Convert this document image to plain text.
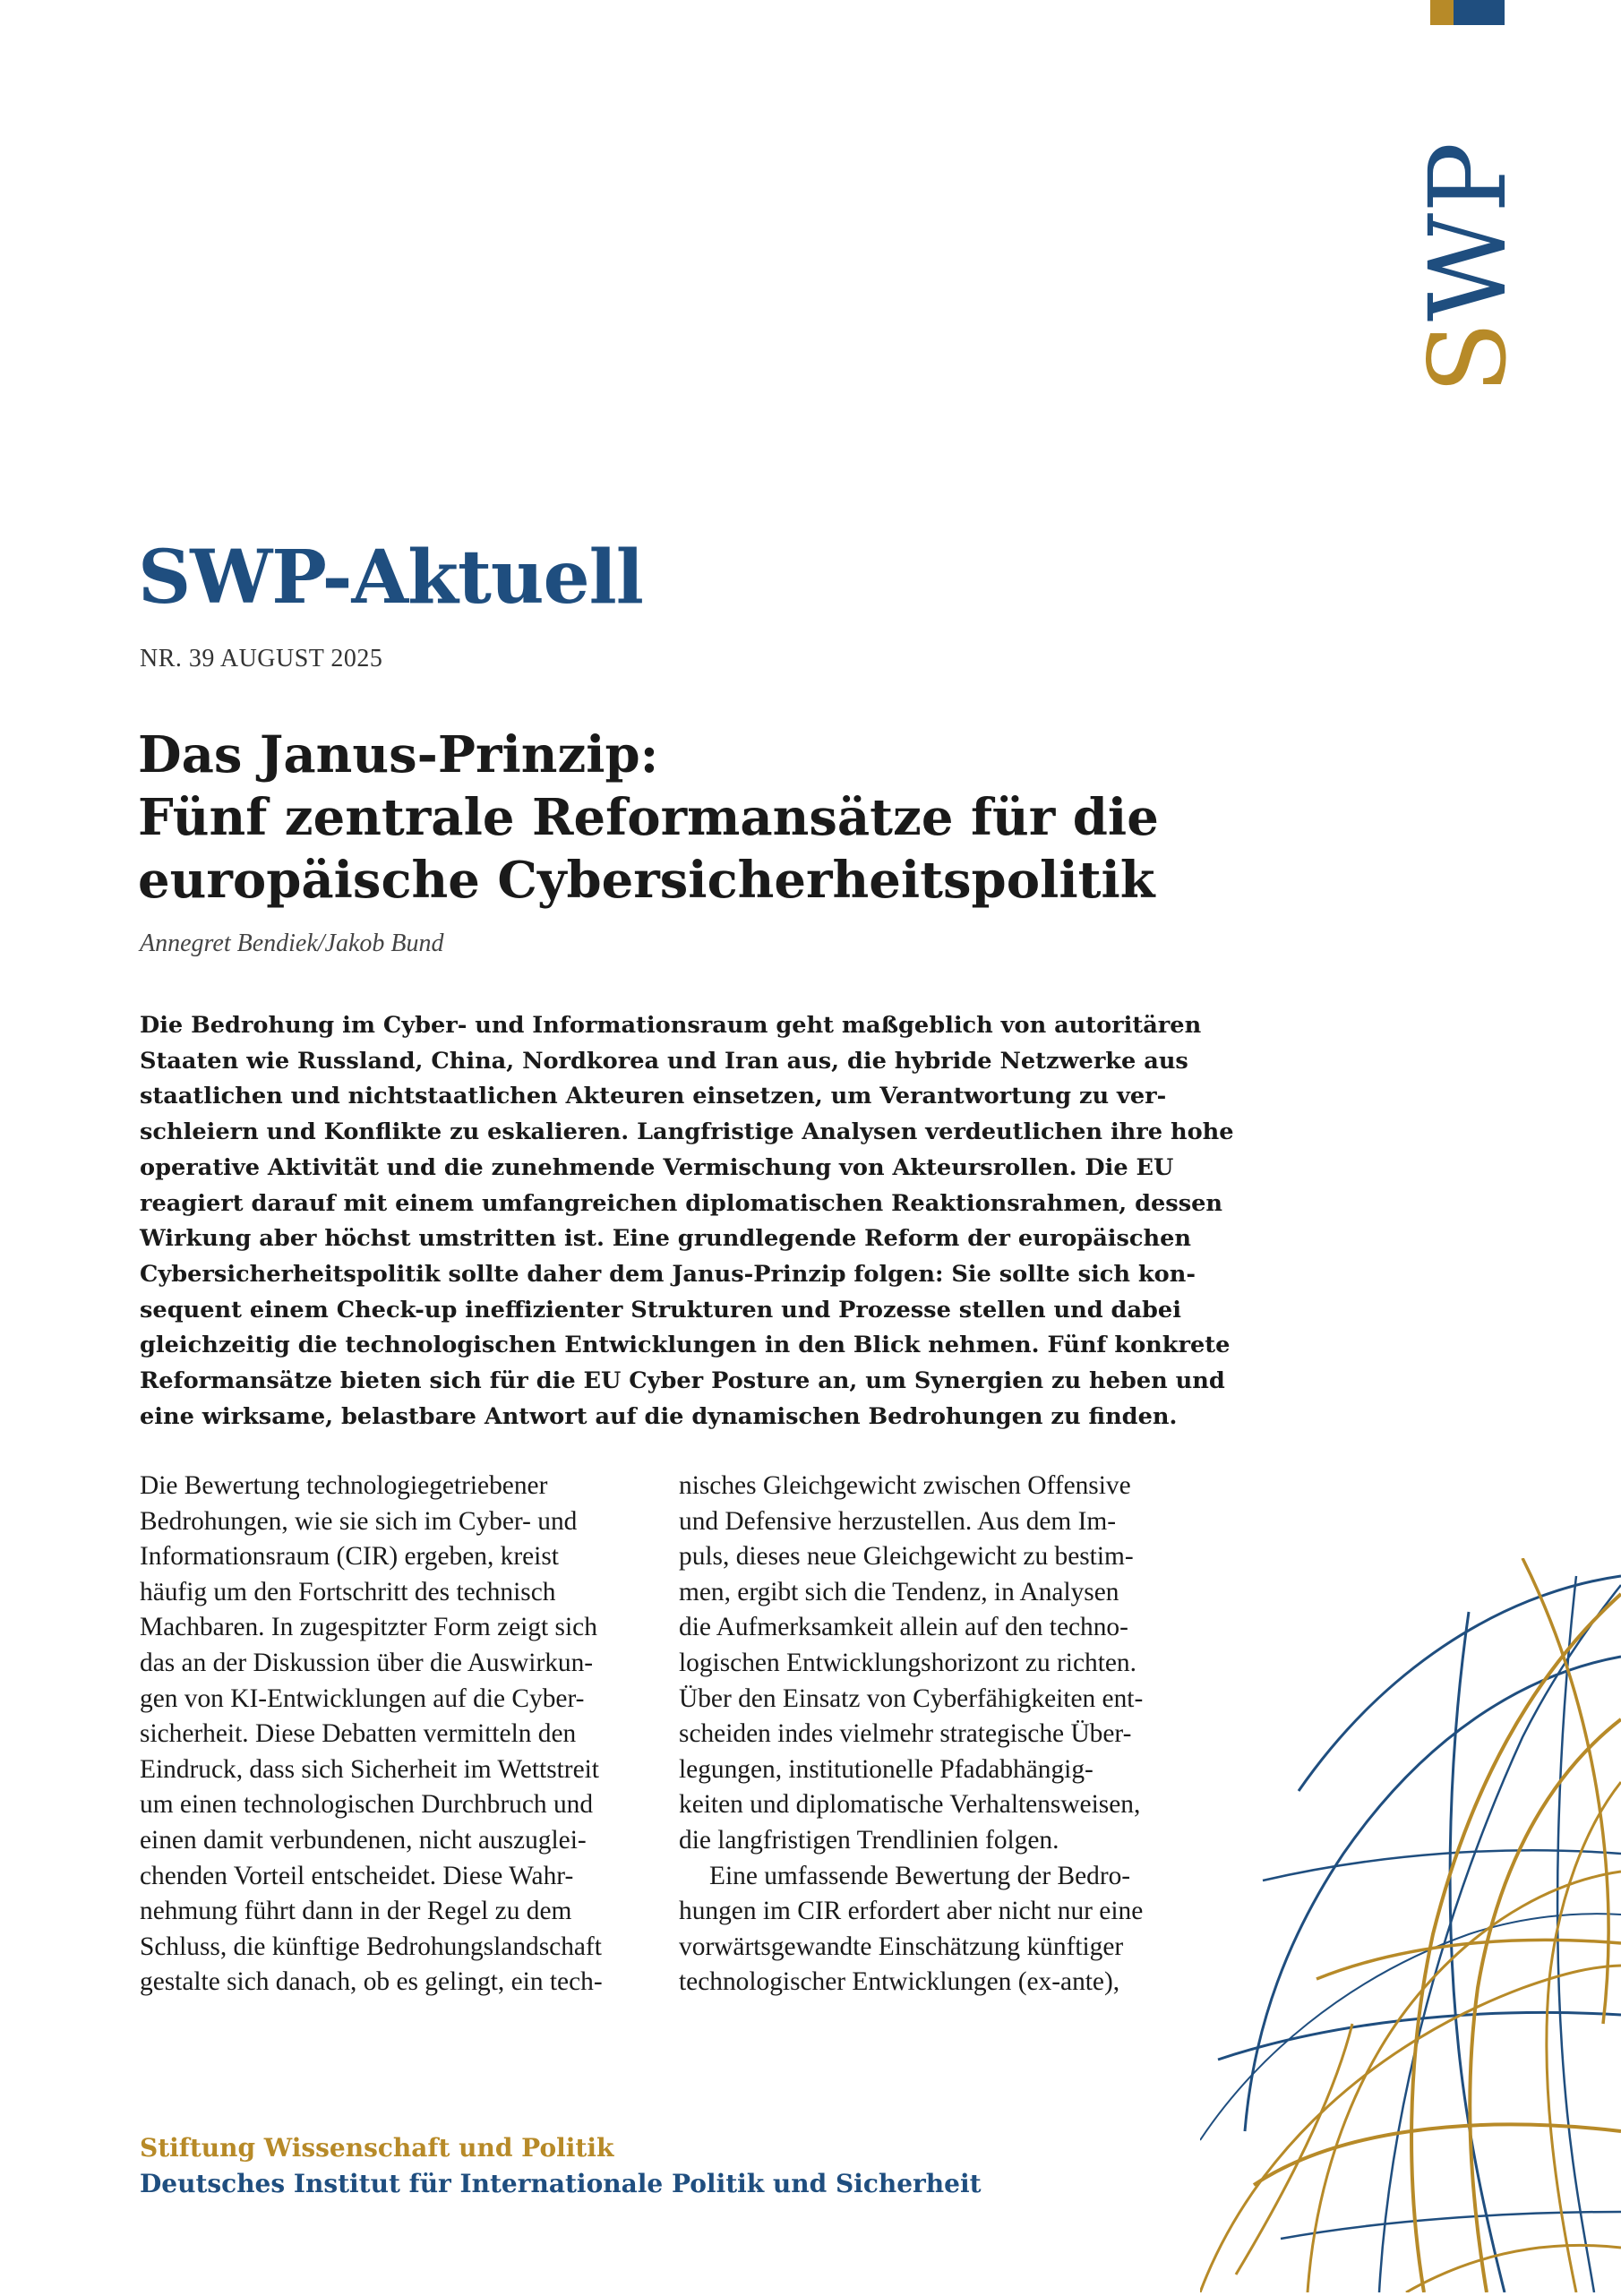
SWP
SWP-Aktuell
NR. 39 AUGUST 2025
Das Janus-Prinzip:
Fünf zentrale Reformansätze für die
europäische Cybersicherheitspolitik
Annegret Bendiek/Jakob Bund

Die Bedrohung im Cyber- und Informationsraum geht maßgeblich von autoritären
Staaten wie Russland, China, Nordkorea und Iran aus, die hybride Netzwerke aus
staatlichen und nichtstaatlichen Akteuren einsetzen, um Verantwortung zu ver-
schleiern und Konflikte zu eskalieren. Langfristige Analysen verdeutlichen ihre hohe
operative Aktivität und die zunehmende Vermischung von Akteursrollen. Die EU
reagiert darauf mit einem umfangreichen diplomatischen Reaktionsrahmen, dessen
Wirkung aber höchst umstritten ist. Eine grundlegende Reform der europäischen
Cybersicherheitspolitik sollte daher dem Janus-Prinzip folgen: Sie sollte sich kon-
sequent einem Check-up ineffizienter Strukturen und Prozesse stellen und dabei
gleichzeitig die technologischen Entwicklungen in den Blick nehmen. Fünf konkrete
Reformansätze bieten sich für die EU Cyber Posture an, um Synergien zu heben und
eine wirksame, belastbare Antwort auf die dynamischen Bedrohungen zu finden.

Die Bewertung technologiegetriebener
Bedrohungen, wie sie sich im Cyber- und
Informationsraum (CIR) ergeben, kreist
häufig um den Fortschritt des technisch
Machbaren. In zugespitzter Form zeigt sich
das an der Diskussion über die Auswirkun-
gen von KI-Entwicklungen auf die Cyber-
sicherheit. Diese Debatten vermitteln den
Eindruck, dass sich Sicherheit im Wettstreit
um einen technologischen Durchbruch und
einen damit verbundenen, nicht auszuglei-
chenden Vorteil entscheidet. Diese Wahr-
nehmung führt dann in der Regel zu dem
Schluss, die künftige Bedrohungslandschaft
gestalte sich danach, ob es gelingt, ein tech-
nisches Gleichgewicht zwischen Offensive
und Defensive herzustellen. Aus dem Im-
puls, dieses neue Gleichgewicht zu bestim-
men, ergibt sich die Tendenz, in Analysen
die Aufmerksamkeit allein auf den techno-
logischen Entwicklungshorizont zu richten.
Über den Einsatz von Cyberfähigkeiten ent-
scheiden indes vielmehr strategische Über-
legungen, institutionelle Pfadabhängig-
keiten und diplomatische Verhaltensweisen,
die langfristigen Trendlinien folgen.
Eine umfassende Bewertung der Bedro-
hungen im CIR erfordert aber nicht nur eine
vorwärtsgewandte Einschätzung künftiger
technologischer Entwicklungen (ex-ante),
Stiftung Wissenschaft und Politik
Deutsches Institut für Internationale Politik und Sicherheit
